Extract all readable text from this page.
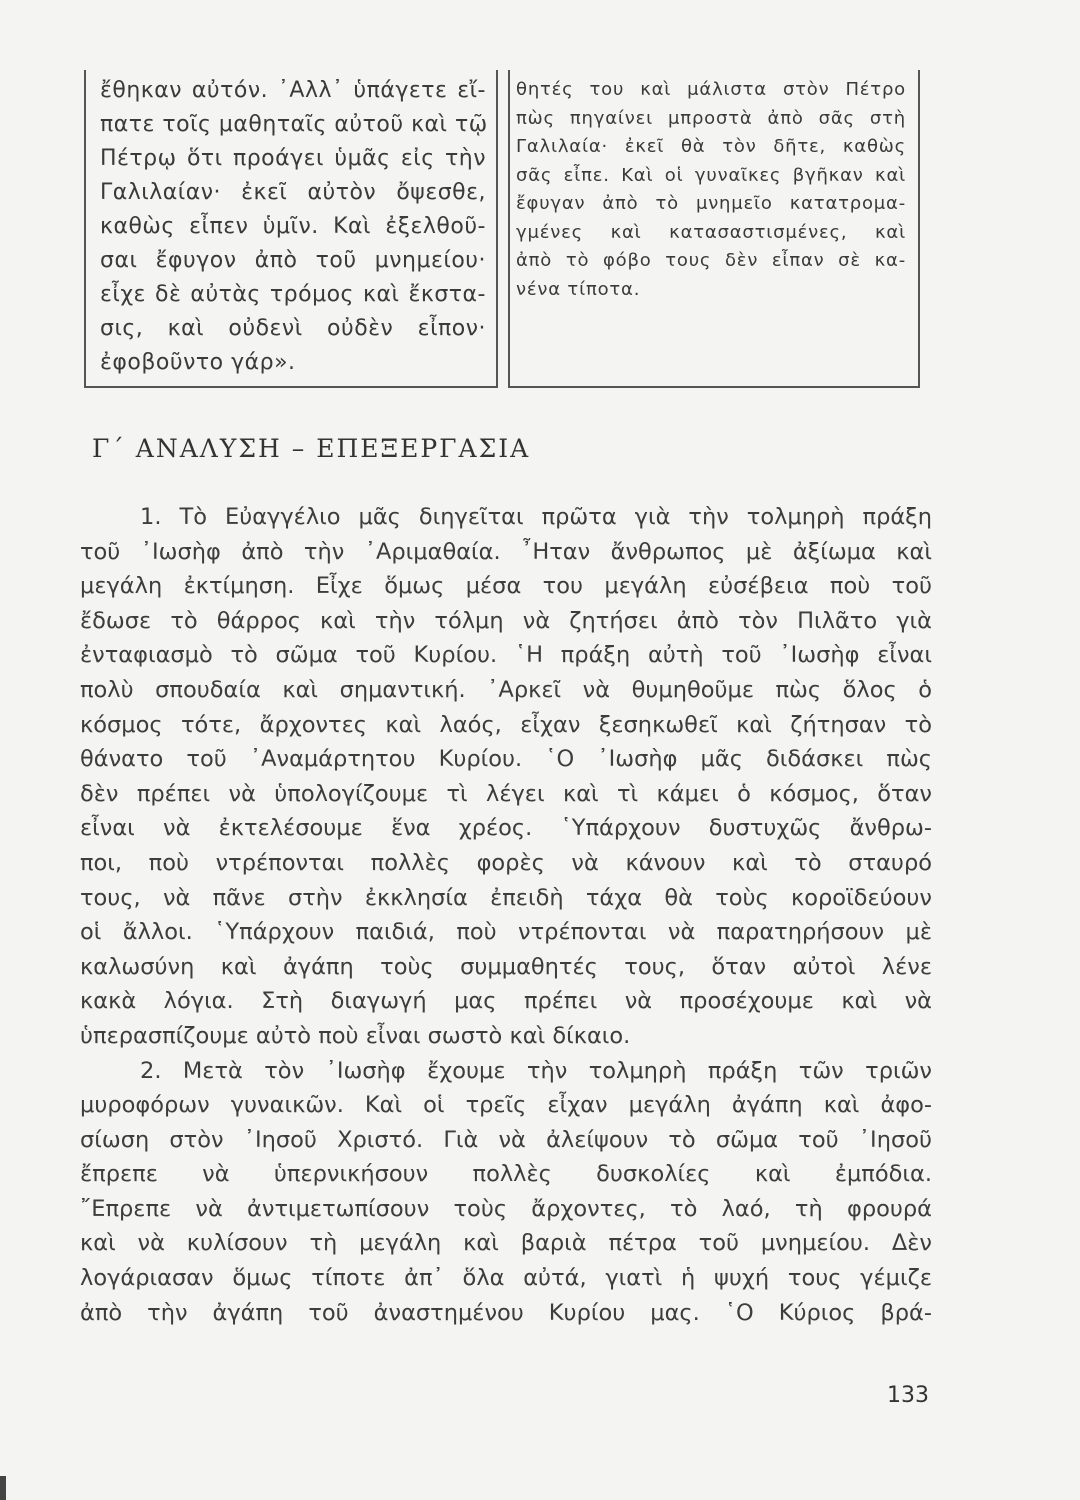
ἔθηκαν αὐτόν. ᾿Αλλ᾿ ὑπάγετε εἴ-
πατε τοῖς μαθηταῖς αὐτοῦ καὶ τῷ
Πέτρῳ ὅτι προάγει ὑμᾶς εἰς τὴν
Γαλιλαίαν· ἐκεῖ αὐτὸν ὄψεσθε,
καθὼς εἶπεν ὑμῖν. Καὶ ἐξελθοῦ-
σαι ἔφυγον ἀπὸ τοῦ μνημείου·
εἶχε δὲ αὐτὰς τρόμος καὶ ἔκστα-
σις, καὶ οὐδενὶ οὐδὲν εἶπον·
ἐφοβοῦντο γάρ».
θητές του καὶ μάλιστα στὸν Πέτρο
πὼς πηγαίνει μπροστὰ ἀπὸ σᾶς στὴ
Γαλιλαία· ἐκεῖ θὰ τὸν δῆτε, καθὼς
σᾶς εἶπε. Καὶ οἱ γυναῖκες βγῆκαν καὶ
ἔφυγαν ἀπὸ τὸ μνημεῖο κατατρομα-
γμένες καὶ κατασαστισμένες, καὶ
ἀπὸ τὸ φόβο τους δὲν εἶπαν σὲ κα-
νένα τίποτα.
Γ΄ ΑΝΑΛΥΣΗ – ΕΠΕΞΕΡΓΑΣΙΑ
1. Τὸ Εὐαγγέλιο μᾶς διηγεῖται πρῶτα γιὰ τὴν τολμηρὴ πράξη
τοῦ ᾿Ιωσὴφ ἀπὸ τὴν ᾿Αριμαθαία. ῏Ηταν ἄνθρωπος μὲ ἀξίωμα καὶ
μεγάλη ἐκτίμηση. Εἶχε ὅμως μέσα του μεγάλη εὐσέβεια ποὺ τοῦ
ἔδωσε τὸ θάρρος καὶ τὴν τόλμη νὰ ζητήσει ἀπὸ τὸν Πιλᾶτο γιὰ
ἐνταφιασμὸ τὸ σῶμα τοῦ Κυρίου. ῾Η πράξη αὐτὴ τοῦ ᾿Ιωσὴφ εἶναι
πολὺ σπουδαία καὶ σημαντική. ᾿Αρκεῖ νὰ θυμηθοῦμε πὼς ὅλος ὁ
κόσμος τότε, ἄρχοντες καὶ λαός, εἶχαν ξεσηκωθεῖ καὶ ζήτησαν τὸ
θάνατο τοῦ ᾿Αναμάρτητου Κυρίου. ῾Ο ᾿Ιωσὴφ μᾶς διδάσκει πὼς
δὲν πρέπει νὰ ὑπολογίζουμε τὶ λέγει καὶ τὶ κάμει ὁ κόσμος, ὅταν
εἶναι νὰ ἐκτελέσουμε ἕνα χρέος. ῾Υπάρχουν δυστυχῶς ἄνθρω-
ποι, ποὺ ντρέπονται πολλὲς φορὲς νὰ κάνουν καὶ τὸ σταυρό
τους, νὰ πᾶνε στὴν ἐκκλησία ἐπειδὴ τάχα θὰ τοὺς κοροϊδεύουν
οἱ ἄλλοι. ῾Υπάρχουν παιδιά, ποὺ ντρέπονται νὰ παρατηρήσουν μὲ
καλωσύνη καὶ ἀγάπη τοὺς συμμαθητές τους, ὅταν αὐτοὶ λένε
κακὰ λόγια. Στὴ διαγωγή μας πρέπει νὰ προσέχουμε καὶ νὰ
ὑπερασπίζουμε αὐτὸ ποὺ εἶναι σωστὸ καὶ δίκαιο.
2. Μετὰ τὸν ᾿Ιωσὴφ ἔχουμε τὴν τολμηρὴ πράξη τῶν τριῶν
μυροφόρων γυναικῶν. Καὶ οἱ τρεῖς εἶχαν μεγάλη ἀγάπη καὶ ἀφο-
σίωση στὸν ᾿Ιησοῦ Χριστό. Γιὰ νὰ ἀλείψουν τὸ σῶμα τοῦ ᾿Ιησοῦ
ἔπρεπε νὰ ὑπερνικήσουν πολλὲς δυσκολίες καὶ ἐμπόδια.
῎Επρεπε νὰ ἀντιμετωπίσουν τοὺς ἄρχοντες, τὸ λαό, τὴ φρουρά
καὶ νὰ κυλίσουν τὴ μεγάλη καὶ βαριὰ πέτρα τοῦ μνημείου. Δὲν
λογάριασαν ὅμως τίποτε ἀπ᾿ ὅλα αὐτά, γιατὶ ἡ ψυχή τους γέμιζε
ἀπὸ τὴν ἀγάπη τοῦ ἀναστημένου Κυρίου μας. ῾Ο Κύριος βρά-
133
